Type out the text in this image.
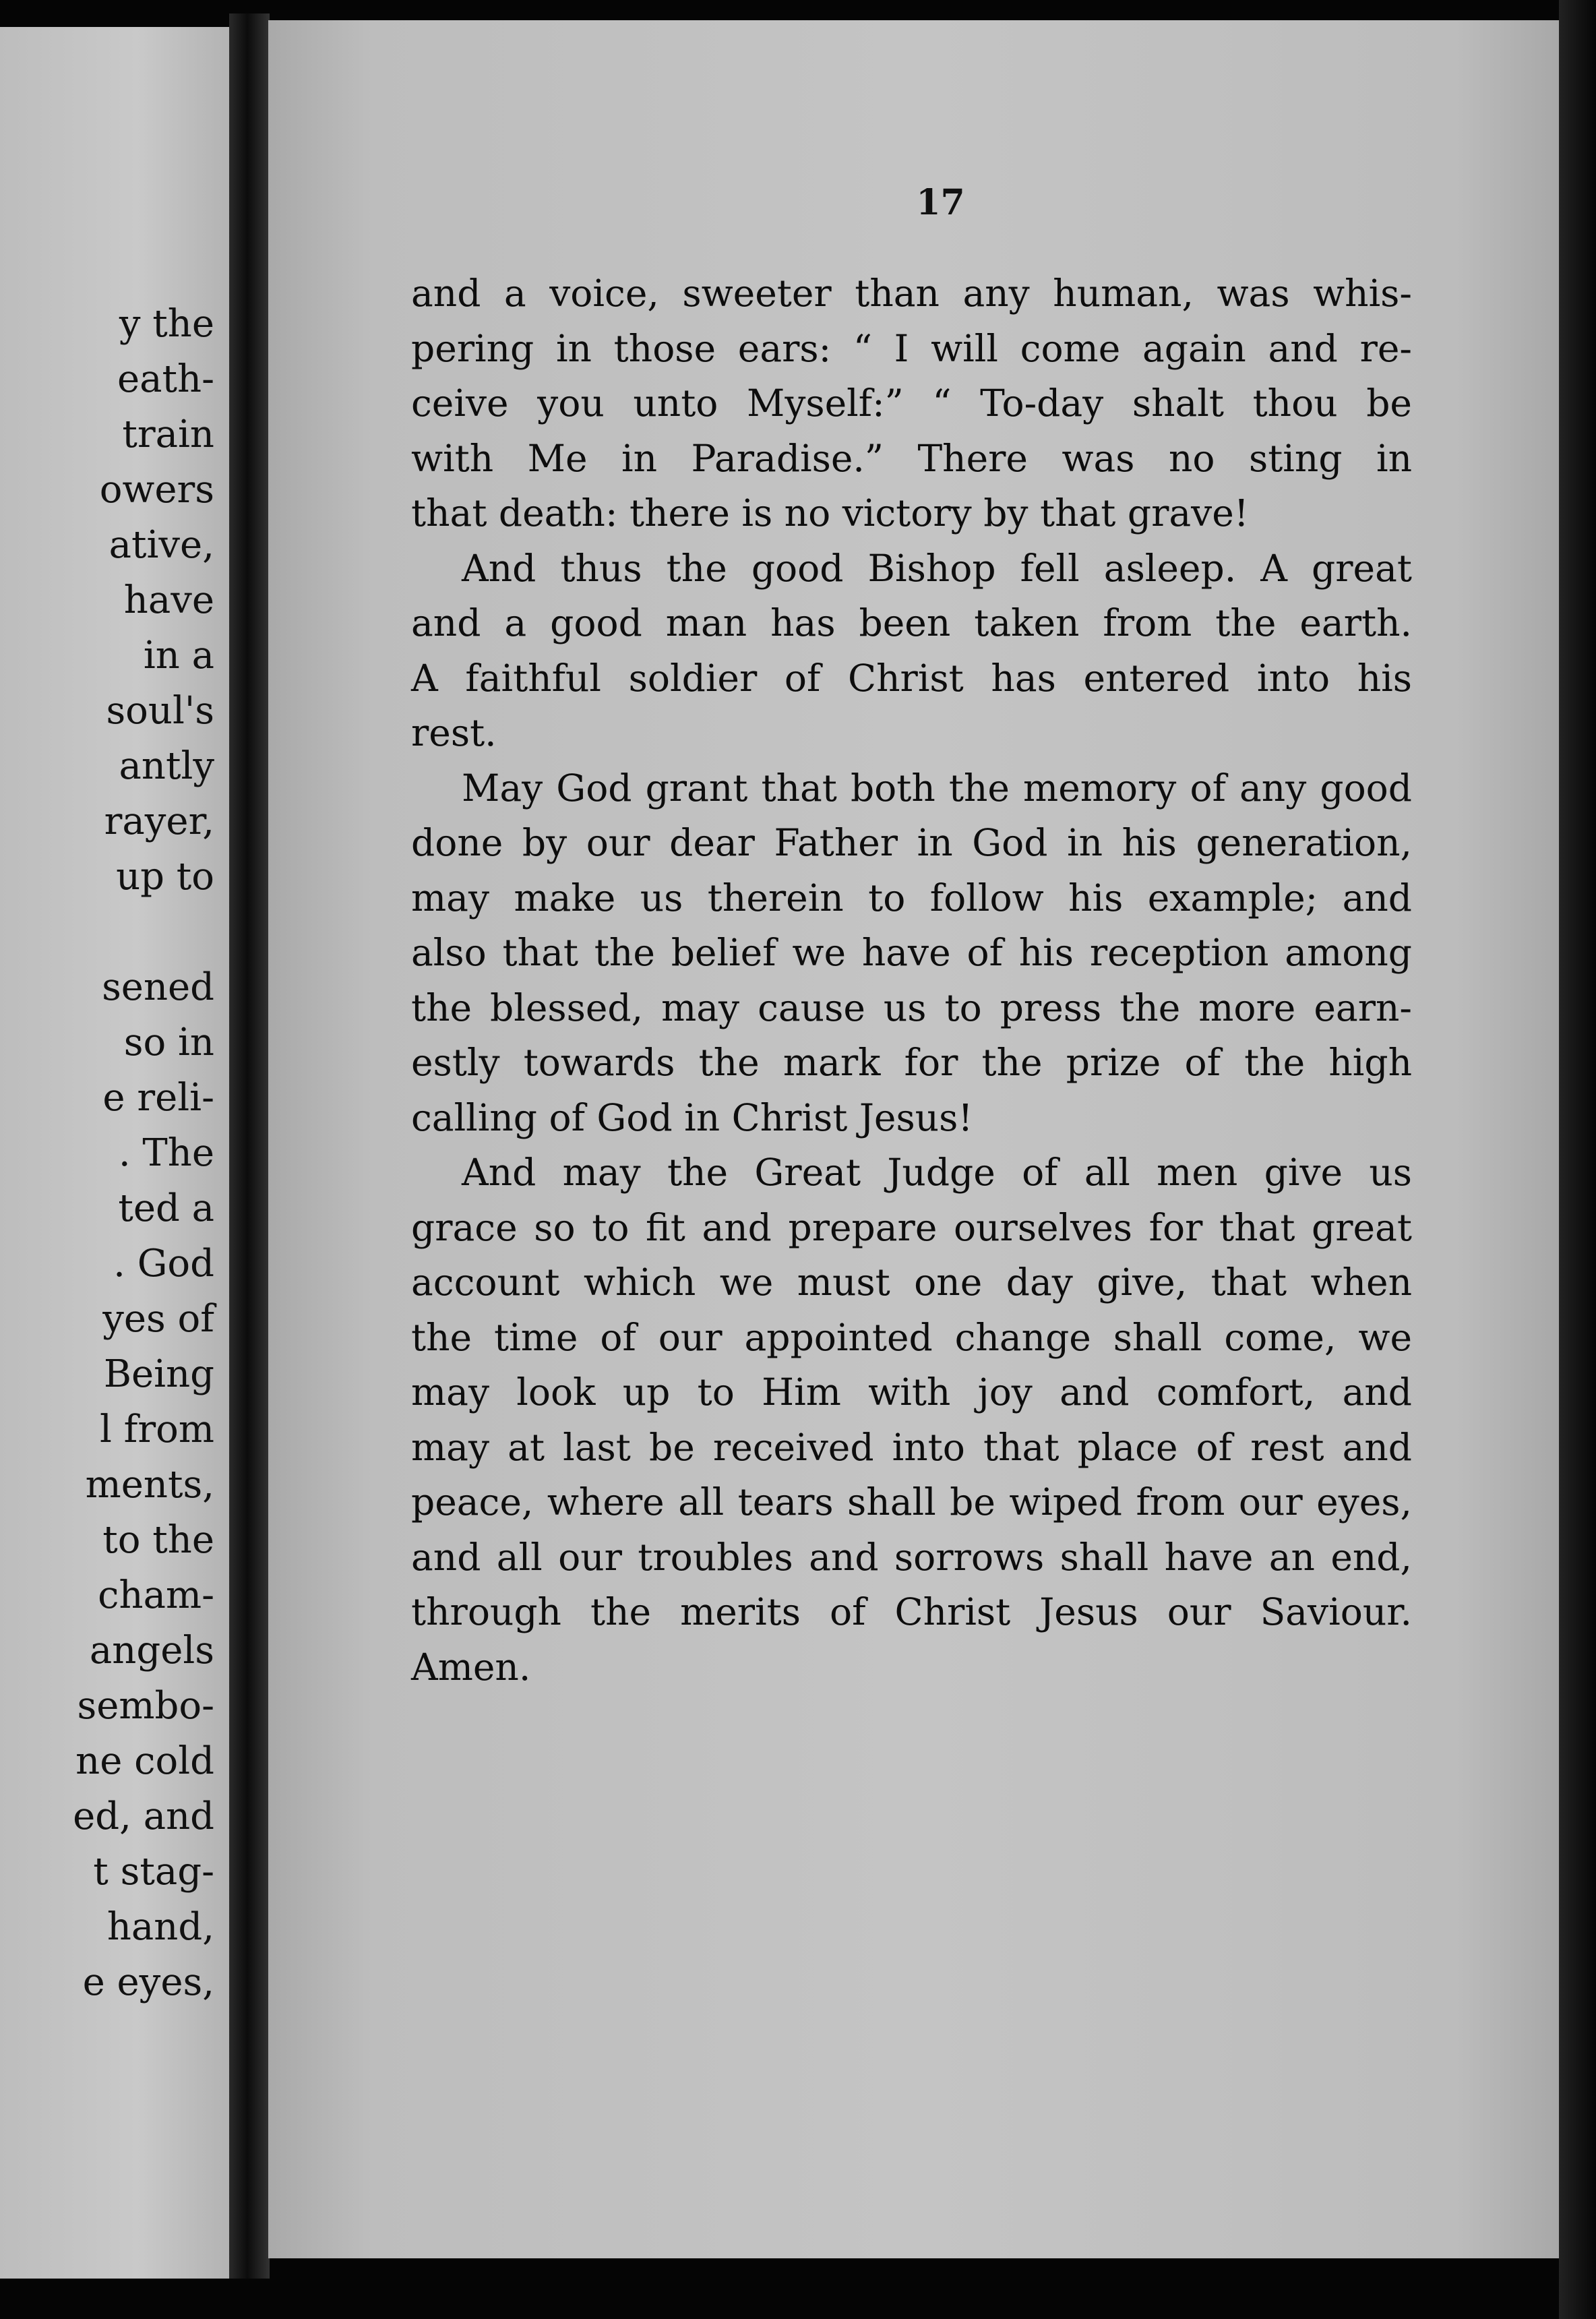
y the
eath-
train
owers
ative,
have
in a
soul's
antly
rayer,
up to
sened
so in
e reli-
. The
ted a
. God
yes of
Being
l from
ments,
to the
cham-
angels
sembo-
ne cold
ed, and
t stag-
hand,
e eyes,
17
and a voice, sweeter than any human, was whis-
pering in those ears: “ I will come again and re-
ceive you unto Myself:” “ To-day shalt thou be
with Me in Paradise.” There was no sting in
that death: there is no victory by that grave!
And thus the good Bishop fell asleep. A great
and a good man has been taken from the earth.
A faithful soldier of Christ has entered into his
rest.
May God grant that both the memory of any good
done by our dear Father in God in his generation,
may make us therein to follow his example; and
also that the belief we have of his reception among
the blessed, may cause us to press the more earn-
estly towards the mark for the prize of the high
calling of God in Christ Jesus!
And may the Great Judge of all men give us
grace so to fit and prepare ourselves for that great
account which we must one day give, that when
the time of our appointed change shall come, we
may look up to Him with joy and comfort, and
may at last be received into that place of rest and
peace, where all tears shall be wiped from our eyes,
and all our troubles and sorrows shall have an end,
through the merits of Christ Jesus our Saviour.
Amen.
